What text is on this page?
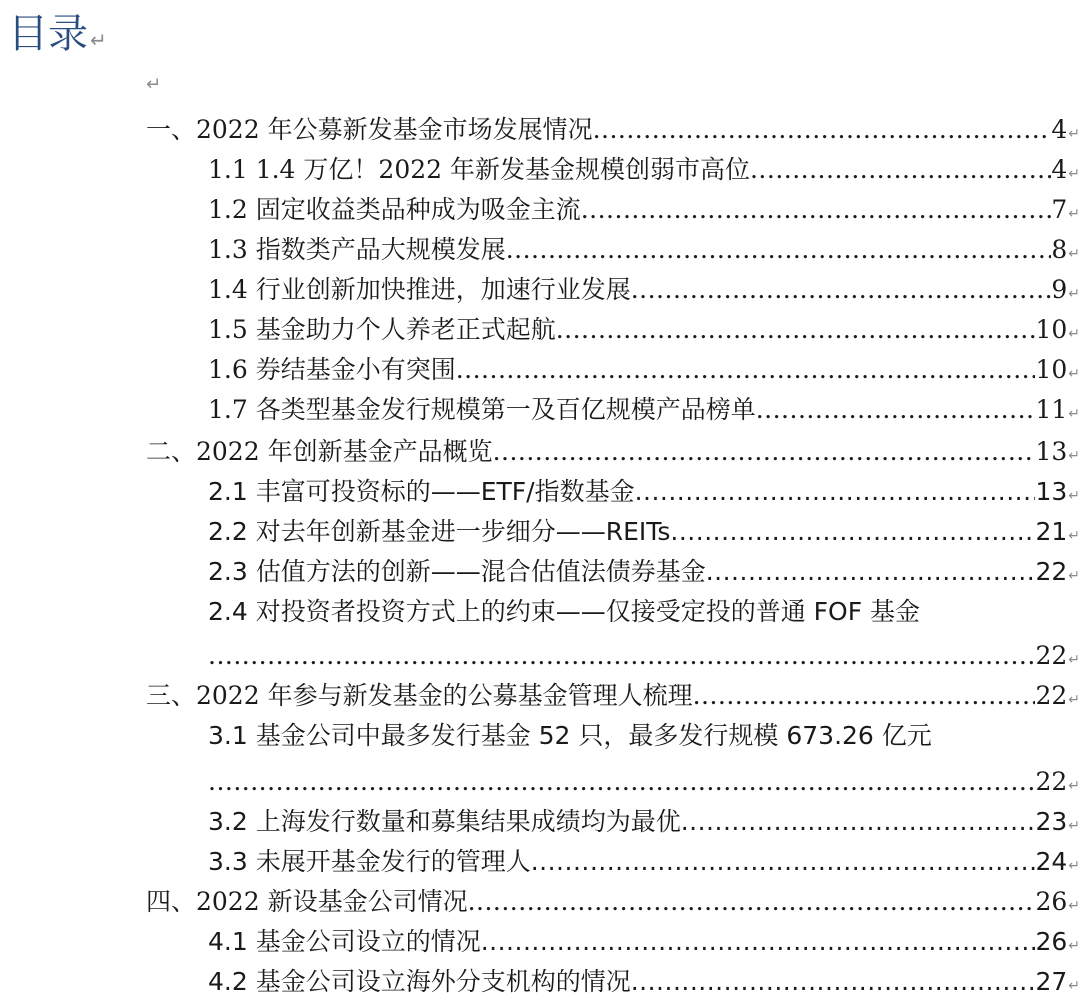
目录 ↵
↵
一、2022 年公募新发基金市场发展情况 .....	4 ↵
1.1 1.4 万亿！2022 年新发基金规模创弱市高位 .....	4 ↵
1.2 固定收益类品种成为吸金主流 .....	7 ↵
1.3 指数类产品大规模发展 .....	8 ↵
1.4 行业创新加快推进，加速行业发展 .....	9 ↵
1.5 基金助力个人养老正式起航 .....	10 ↵
1.6 券结基金小有突围 .....	10 ↵
1.7 各类型基金发行规模第一及百亿规模产品榜单 .....	11 ↵
二、2022 年创新基金产品概览 .....	13 ↵
2.1 丰富可投资标的——ETF/指数基金 .....	13 ↵
2.2 对去年创新基金进一步细分——REITs .....	21 ↵
2.3 估值方法的创新——混合估值法债券基金 .....	22 ↵
2.4 对投资者投资方式上的约束——仅接受定投的普通 FOF 基金
.....
22 ↵
三、2022 年参与新发基金的公募基金管理人梳理 .....	22 ↵
3.1 基金公司中最多发行基金 52 只，最多发行规模 673.26 亿元
.....
22 ↵
3.2 上海发行数量和募集结果成绩均为最优 .....	23 ↵
3.3 未展开基金发行的管理人 .....	24 ↵
四、2022 新设基金公司情况 .....	26 ↵
4.1 基金公司设立的情况 .....	26 ↵
4.2 基金公司设立海外分支机构的情况 .....	27 ↵
